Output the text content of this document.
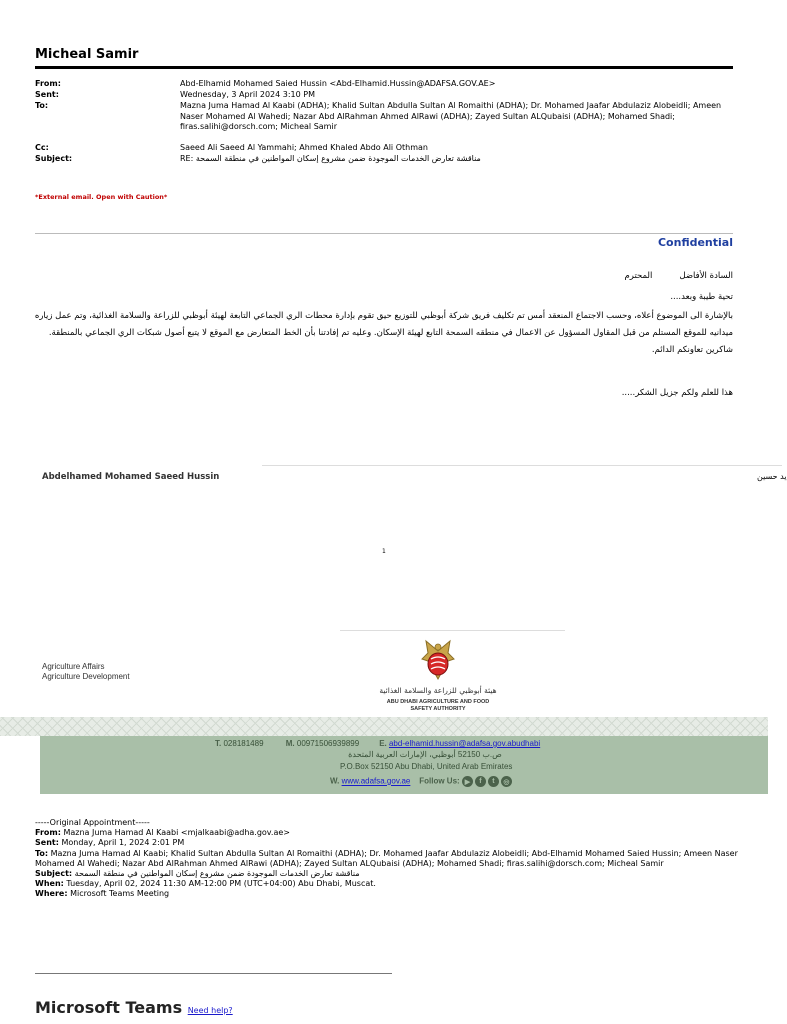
Micheal Samir
From:	Abd-Elhamid Mohamed Saied Hussin <Abd-Elhamid.Hussin@ADAFSA.GOV.AE>
Sent:	Wednesday, 3 April 2024 3:10 PM
To:	Mazna Juma Hamad Al Kaabi (ADHA); Khalid Sultan Abdulla Sultan Al Romaithi (ADHA); Dr. Mohamed Jaafar Abdulaziz Alobeidli; Ameen Naser Mohamed Al Wahedi; Nazar Abd AlRahman Ahmed AlRawi (ADHA); Zayed Sultan ALQubaisi (ADHA); Mohamed Shadi; firas.salihi@dorsch.com; Micheal Samir
Cc:	Saeed Ali Saeed Al Yammahi; Ahmed Khaled Abdo Ali Othman
Subject:	RE: مناقشة تعارض الخدمات الموجودة ضمن مشروع إسكان المواطنين في منطقة السمحة
*External email. Open with Caution*
Confidential
السادة الأفاضل          المحترم
تحية طيبة وبعد....
بالإشارة الى الموضوع أعلاه، وحسب الاجتماع المنعقد أمس تم تكليف فريق شركة أبوظبي للتوزيع حيق تقوم بإدارة محطات الري الجماعي التابعة لهيئة أبوظبي للزراعة والسلامة الغذائية، وتم عمل زياره ميدانيه للموقع المستلم من قبل المقاول المسؤول عن الاعمال في منطقه السمحة التابع لهيئة الإسكان. وعليه تم إفادتنا بأن الخط المتعارض مع الموقع لا يتبع أصول شبكات الري الجماعي بالمنطقة. شاكرين تعاونكم الدائم.
هذا للعلم ولكم جزيل الشكر.....
Abdelhamed Mohamed Saeed Hussin	يد حسين
1
Agriculture Affairs
Agriculture Development
هيئة أبوظبي للزراعة والسلامة الغذائية
ABU DHABI AGRICULTURE AND FOOD
SAFETY AUTHORITY
T. 028181489	M. 00971506939899	E. abd-elhamid.hussin@adafsa.gov.abudhabi
ص.ب 52150 أبوظبي، الإمارات العربية المتحدة
P.O.Box 52150 Abu Dhabi, United Arab Emirates
W. www.adafsa.gov.ae Follow Us: ▶	f	t	◎
-----Original Appointment-----
From: Mazna Juma Hamad Al Kaabi <mjalkaabi@adha.gov.ae>
Sent: Monday, April 1, 2024 2:01 PM
To: Mazna Juma Hamad Al Kaabi; Khalid Sultan Abdulla Sultan Al Romaithi (ADHA); Dr. Mohamed Jaafar Abdulaziz Alobeidli; Abd-Elhamid Mohamed Saied Hussin; Ameen Naser Mohamed Al Wahedi; Nazar Abd AlRahman Ahmed AlRawi (ADHA); Zayed Sultan ALQubaisi (ADHA); Mohamed Shadi; firas.salihi@dorsch.com; Micheal Samir
Subject: مناقشة تعارض الخدمات الموجودة ضمن مشروع إسكان المواطنين في منطقة السمحة
When: Tuesday, April 02, 2024 11:30 AM-12:00 PM (UTC+04:00) Abu Dhabi, Muscat.
Where: Microsoft Teams Meeting
Microsoft Teams Need help?
